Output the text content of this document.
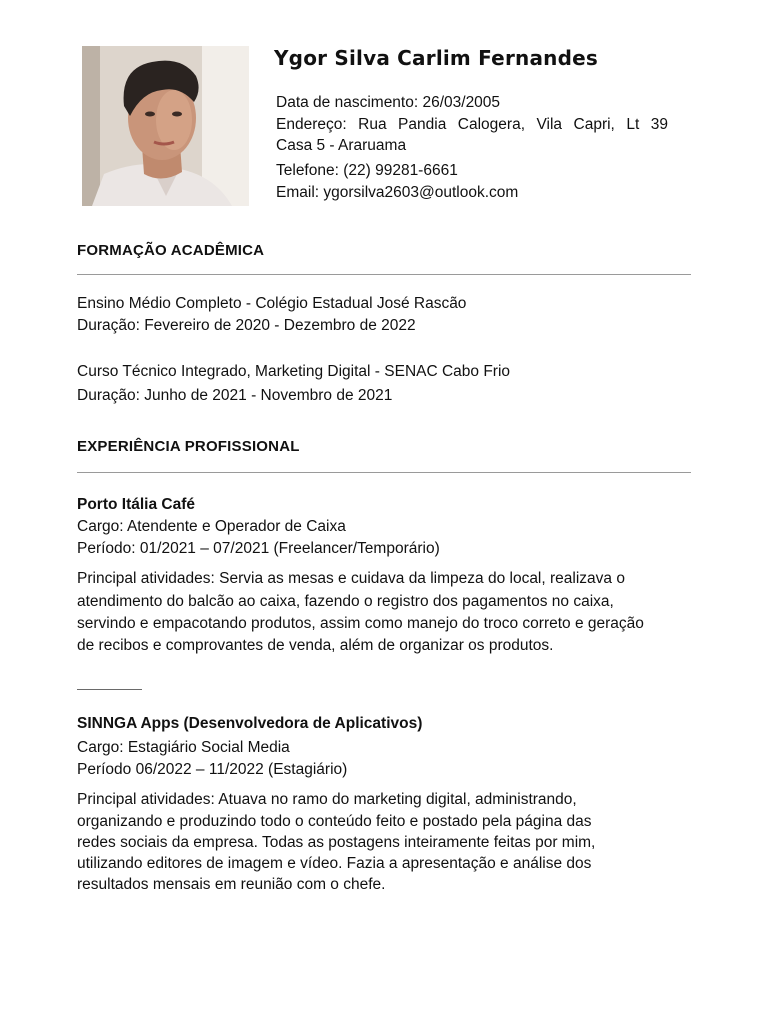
Ygor Silva Carlim Fernandes
Data de nascimento: 26/03/2005
Endereço: Rua Pandia Calogera, Vila Capri, Lt 39
Casa 5 - Araruama
Telefone: (22) 99281-6661
Email: ygorsilva2603@outlook.com
FORMAÇÃO ACADÊMICA
Ensino Médio Completo - Colégio Estadual José Rascão
Duração: Fevereiro de 2020 - Dezembro de 2022
Curso Técnico Integrado, Marketing Digital - SENAC Cabo Frio
Duração: Junho de 2021 - Novembro de 2021
EXPERIÊNCIA PROFISSIONAL
Porto Itália Café
Cargo: Atendente e Operador de Caixa
Período: 01/2021 – 07/2021 (Freelancer/Temporário)
Principal atividades: Servia as mesas e cuidava da limpeza do local, realizava o
atendimento do balcão ao caixa, fazendo o registro dos pagamentos no caixa,
servindo e empacotando produtos, assim como manejo do troco correto e geração
de recibos e comprovantes de venda, além de organizar os produtos.
SINNGA Apps (Desenvolvedora de Aplicativos)
Cargo: Estagiário Social Media
Período 06/2022 – 11/2022 (Estagiário)
Principal atividades: Atuava no ramo do marketing digital, administrando,
organizando e produzindo todo o conteúdo feito e postado pela página das
redes sociais da empresa. Todas as postagens inteiramente feitas por mim,
utilizando editores de imagem e vídeo. Fazia a apresentação e análise dos
resultados mensais em reunião com o chefe.
